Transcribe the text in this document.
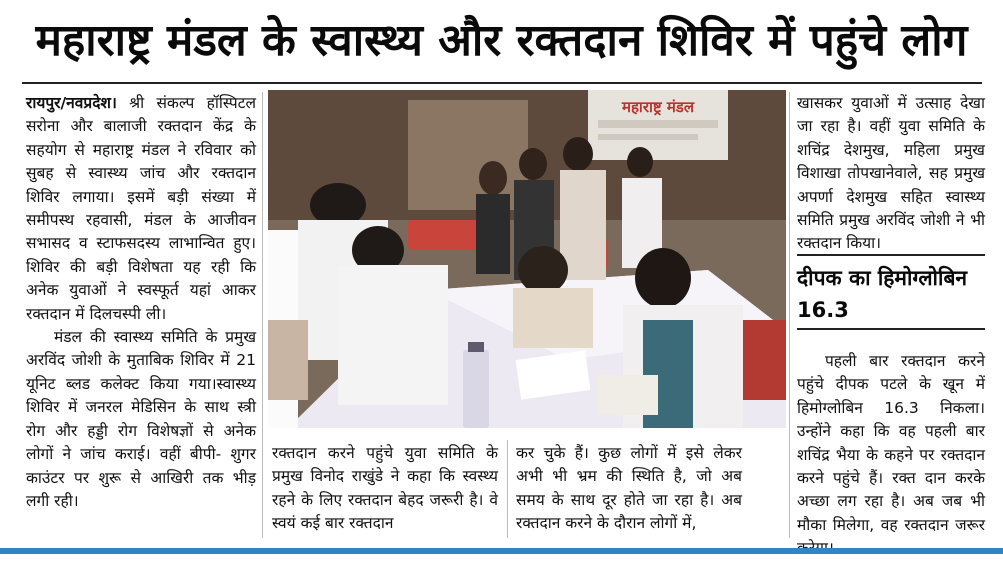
महाराष्ट्र मंडल के स्वास्थ्य और रक्तदान शिविर में पहुंचे लोग

रायपुर/नवप्रदेश। श्री संकल्प हॉस्पिटल सरोना और बालाजी रक्तदान केंद्र के सहयोग से महाराष्ट्र मंडल ने रविवार को सुबह से स्वास्थ्य जांच और रक्तदान शिविर लगाया। इसमें बड़ी संख्या में समीपस्थ रहवासी, मंडल के आजीवन सभासद व स्टाफसदस्य लाभान्वित हुए। शिविर की बड़ी विशेषता यह रही कि अनेक युवाओं ने स्वस्फूर्त यहां आकर रक्तदान में दिलचस्पी ली।

मंडल की स्वास्थ्य समिति के प्रमुख अरविंद जोशी के मुताबिक शिविर में 21 यूनिट ब्लड कलेक्ट किया गया।स्वास्थ्य शिविर में जनरल मेडिसिन के साथ स्त्री रोग और हड्डी रोग विशेषज्ञों से अनेक लोगों ने जांच कराई। वहीं बीपी- शुगर काउंटर पर शुरू से आखिरी तक भीड़ लगी रही।

महाराष्ट्र मंडल

रक्तदान करने पहुंचे युवा समिति के प्रमुख विनोद राखुंडे ने कहा कि स्वस्थ्य रहने के लिए रक्तदान बेहद जरूरी है। वे स्वयं कई बार रक्तदान

कर चुके हैं। कुछ लोगों में इसे लेकर अभी भी भ्रम की स्थिति है, जो अब समय के साथ दूर होते जा रहा है। अब रक्तदान करने के दौरान लोगों में,

खासकर युवाओं में उत्साह देखा जा रहा है। वहीं युवा समिति के शचिंद्र देशमुख, महिला प्रमुख विशाखा तोपखानेवाले, सह प्रमुख अपर्णा देशमुख सहित स्वास्थ्य समिति प्रमुख अरविंद जोशी ने भी रक्तदान किया।

दीपक का हिमोग्लोबिन 16.3

पहली बार रक्तदान करने पहुंचे दीपक पटले के खून में हिमोग्लोबिन 16.3 निकला। उन्होंने कहा कि वह पहली बार शचिंद्र भैया के कहने पर रक्तदान करने पहुंचे हैं। रक्त दान करके अच्छा लग रहा है। अब जब भी मौका मिलेगा, वह रक्तदान जरूर
